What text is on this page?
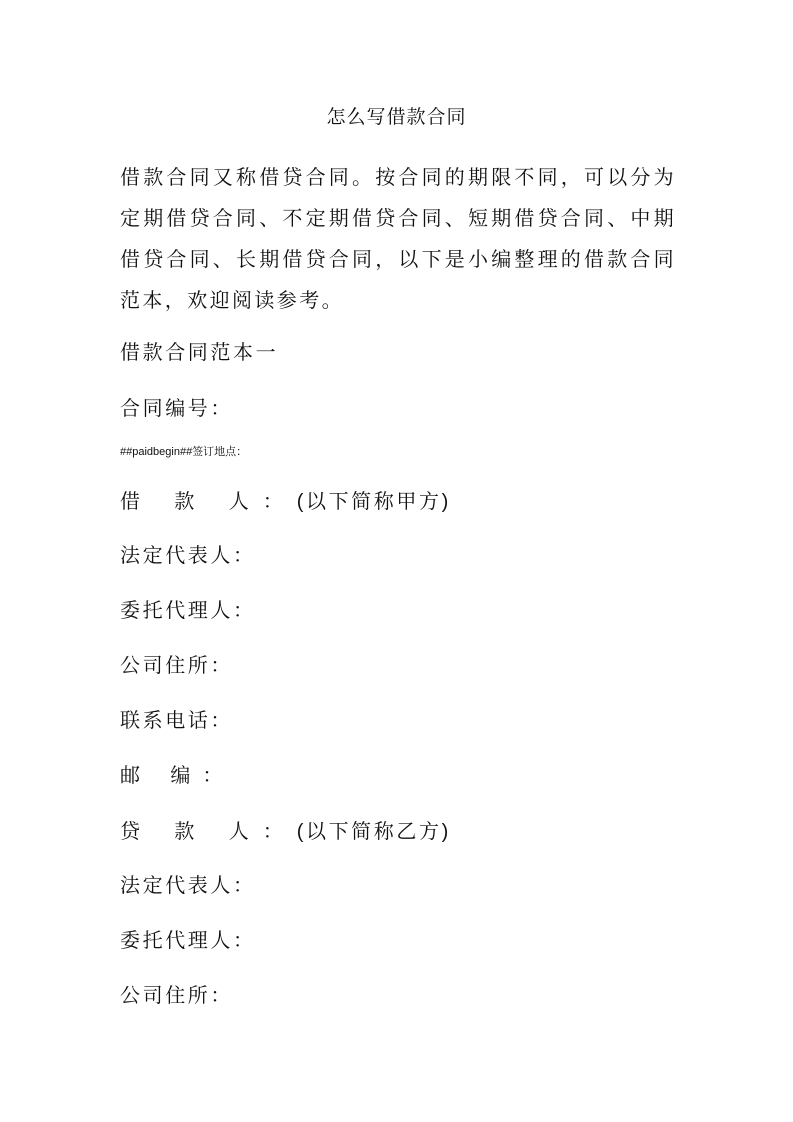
怎么写借款合同

借款合同又称借贷合同。按合同的期限不同，可以分为定期借贷合同、不定期借贷合同、短期借贷合同、中期借贷合同、长期借贷合同，以下是小编整理的借款合同范本，欢迎阅读参考。

借款合同范本一
合同编号：
##paidbegin##签订地点：
借 款 人：(以下简称甲方)
法定代表人：
委托代理人：
公司住所：
联系电话：
邮 编：
贷 款 人：(以下简称乙方)
法定代表人：
委托代理人：
公司住所：
